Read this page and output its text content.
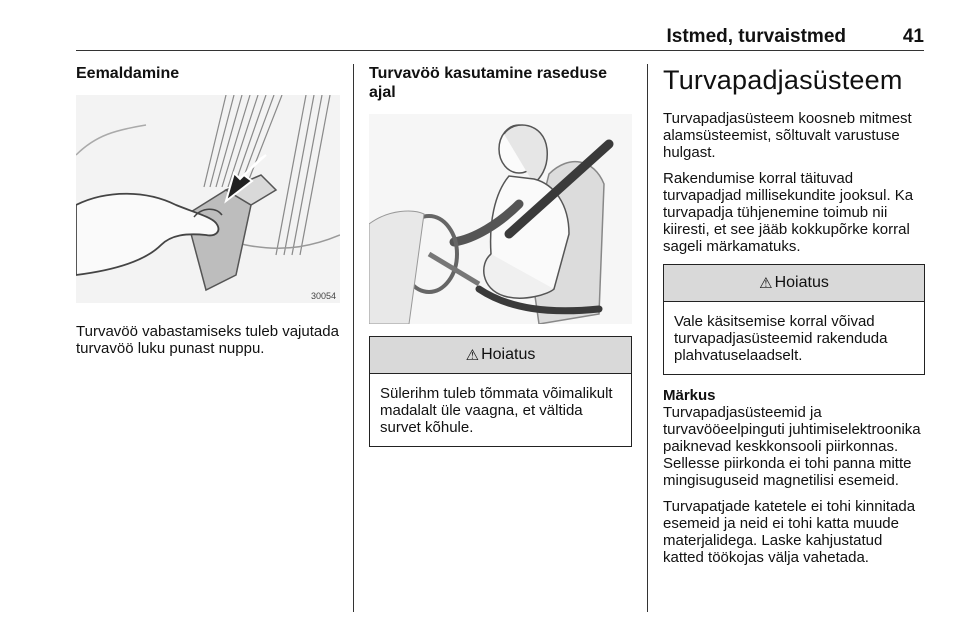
Istmed, turvaistmed	41
Eemaldamine
30054

Turvavöö vabastamiseks tuleb vajutada turvavöö luku punast nuppu.

Turvavöö kasutamine raseduse ajal
⚠ Hoiatus

Sülerihm tuleb tõmmata võimalikult madalalt üle vaagna, et vältida survet kõhule.

Turvapadjasüsteem

Turvapadjasüsteem koosneb mitmest alamsüsteemist, sõltuvalt varustuse hulgast.

Rakendumise korral täituvad turvapadjad millisekundite jooksul. Ka turvapadja tühjenemine toimub nii kiiresti, et see jääb kokkupõrke korral sageli märkamatuks.

⚠ Hoiatus

Vale käsitsemise korral võivad turvapadjasüsteemid rakenduda plahvatuselaadselt.

Märkus

Turvapadjasüsteemid ja turvavööeelpinguti juhtimiselektroonika paiknevad keskkonsooli piirkonnas. Sellesse piirkonda ei tohi panna mitte mingisuguseid magnetilisi esemeid.

Turvapatjade katetele ei tohi kinnitada esemeid ja neid ei tohi katta muude materjalidega. Laske kahjustatud katted töökojas välja vahetada.
